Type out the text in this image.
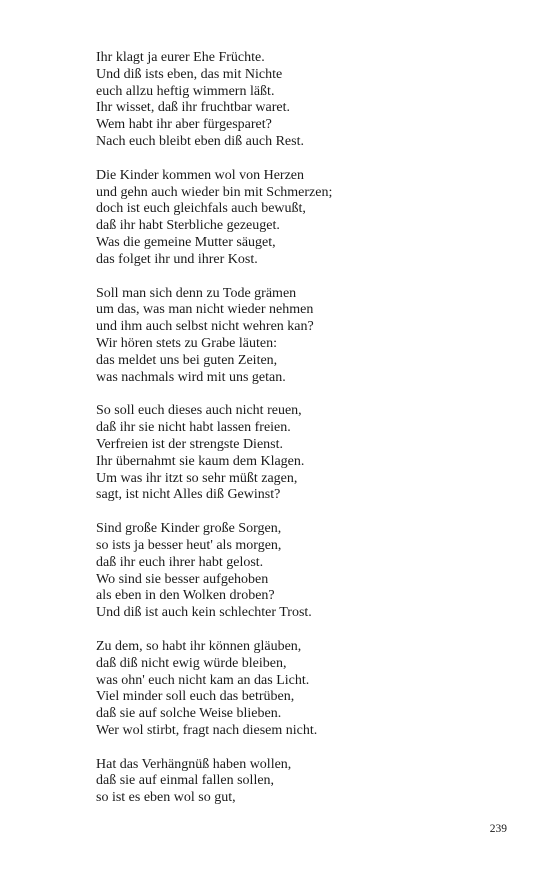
Ihr klagt ja eurer Ehe Früchte.
Und diß ists eben, das mit Nichte
euch allzu heftig wimmern läßt.
Ihr wisset, daß ihr fruchtbar waret.
Wem habt ihr aber fürgesparet?
Nach euch bleibt eben diß auch Rest.
Die Kinder kommen wol von Herzen
und gehn auch wieder bin mit Schmerzen;
doch ist euch gleichfals auch bewußt,
daß ihr habt Sterbliche gezeuget.
Was die gemeine Mutter säuget,
das folget ihr und ihrer Kost.
Soll man sich denn zu Tode grämen
um das, was man nicht wieder nehmen
und ihm auch selbst nicht wehren kan?
Wir hören stets zu Grabe läuten:
das meldet uns bei guten Zeiten,
was nachmals wird mit uns getan.
So soll euch dieses auch nicht reuen,
daß ihr sie nicht habt lassen freien.
Verfreien ist der strengste Dienst.
Ihr übernahmt sie kaum dem Klagen.
Um was ihr itzt so sehr müßt zagen,
sagt, ist nicht Alles diß Gewinst?
Sind große Kinder große Sorgen,
so ists ja besser heut' als morgen,
daß ihr euch ihrer habt gelost.
Wo sind sie besser aufgehoben
als eben in den Wolken droben?
Und diß ist auch kein schlechter Trost.
Zu dem, so habt ihr können gläuben,
daß diß nicht ewig würde bleiben,
was ohn' euch nicht kam an das Licht.
Viel minder soll euch das betrüben,
daß sie auf solche Weise blieben.
Wer wol stirbt, fragt nach diesem nicht.
Hat das Verhängnüß haben wollen,
daß sie auf einmal fallen sollen,
so ist es eben wol so gut,
239
